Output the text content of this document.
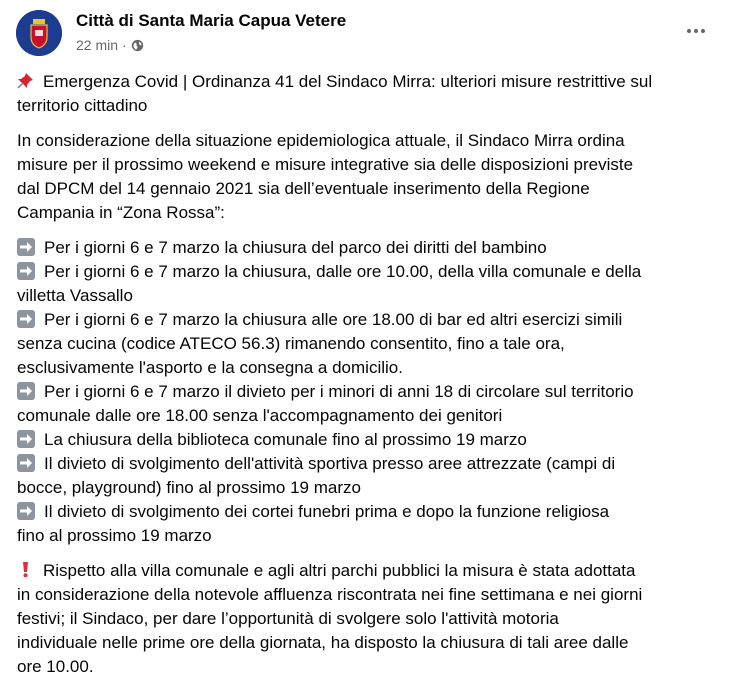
Città di Santa Maria Capua Vetere
22 min ·
Emergenza Covid | Ordinanza 41 del Sindaco Mirra: ulteriori misure restrittive sul
territorio cittadino
In considerazione della situazione epidemiologica attuale, il Sindaco Mirra ordina
misure per il prossimo weekend e misure integrative sia delle disposizioni previste
dal DPCM del 14 gennaio 2021 sia dell’eventuale inserimento della Regione
Campania in “Zona Rossa”:
Per i giorni 6 e 7 marzo la chiusura del parco dei diritti del bambino
Per i giorni 6 e 7 marzo la chiusura, dalle ore 10.00, della villa comunale e della
villetta Vassallo
Per i giorni 6 e 7 marzo la chiusura alle ore 18.00 di bar ed altri esercizi simili
senza cucina (codice ATECO 56.3) rimanendo consentito, fino a tale ora,
esclusivamente l'asporto e la consegna a domicilio.
Per i giorni 6 e 7 marzo il divieto per i minori di anni 18 di circolare sul territorio
comunale dalle ore 18.00 senza l'accompagnamento dei genitori
La chiusura della biblioteca comunale fino al prossimo 19 marzo
Il divieto di svolgimento dell'attività sportiva presso aree attrezzate (campi di
bocce, playground) fino al prossimo 19 marzo
Il divieto di svolgimento dei cortei funebri prima e dopo la funzione religiosa
fino al prossimo 19 marzo
Rispetto alla villa comunale e agli altri parchi pubblici la misura è stata adottata
in considerazione della notevole affluenza riscontrata nei fine settimana e nei giorni
festivi; il Sindaco, per dare l’opportunità di svolgere solo l'attività motoria
individuale nelle prime ore della giornata, ha disposto la chiusura di tali aree dalle
ore 10.00.
